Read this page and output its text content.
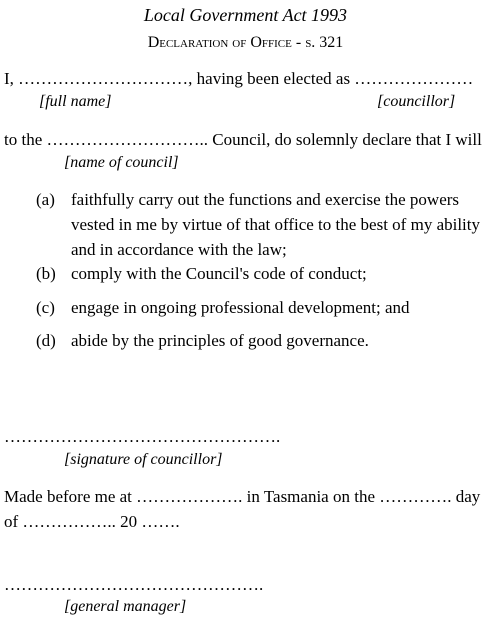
Local Government Act 1993
Declaration of Office - s. 321
I, …………………………, having been elected as …………………
[full name]	[councillor]
to the ……………………….. Council, do solemnly declare that I will
[name of council]
(a) faithfully carry out the functions and exercise the powers
vested in me by virtue of that office to the best of my ability
and in accordance with the law;
(b) comply with the Council's code of conduct;
(c) engage in ongoing professional development; and
(d) abide by the principles of good governance.
………………………………………….
[signature of councillor]
Made before me at ………………. in Tasmania on the …………. day
of …………….. 20 …….
……………………………………….
[general manager]
